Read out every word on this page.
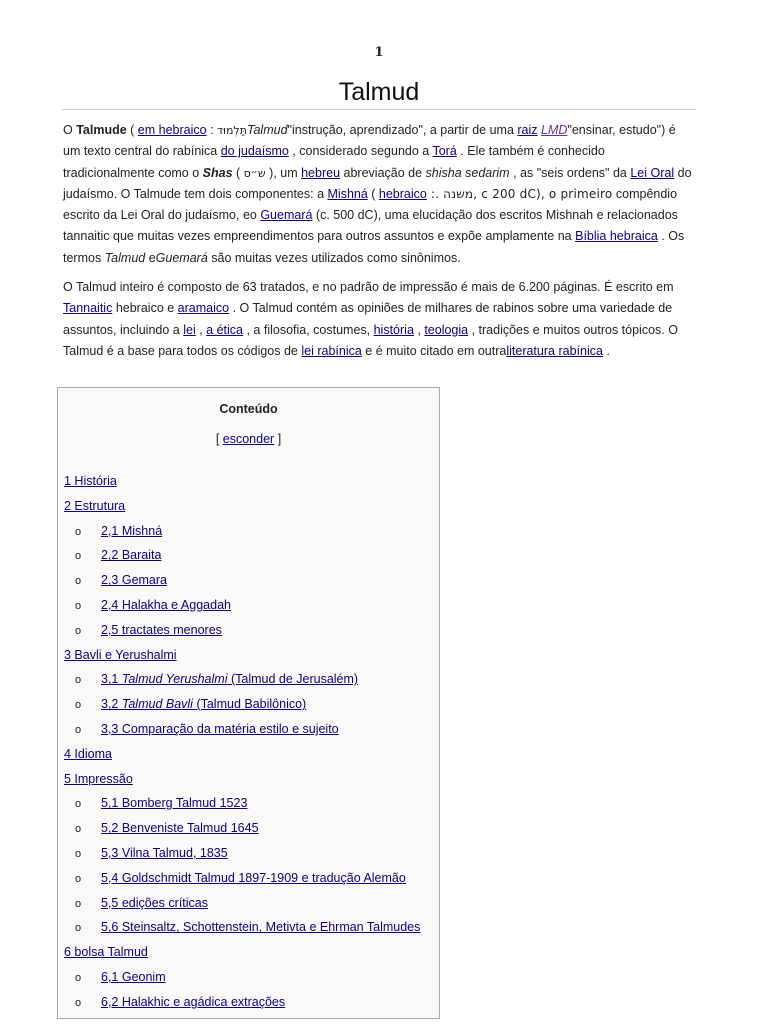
1
Talmud
O Talmude ( em hebraico : תַּלְמוּדTalmud"instrução, aprendizado", a partir de uma raiz LMD"ensinar, estudo") é um texto central do rabínica do judaísmo , considerado segundo a Torá . Ele também é conhecido tradicionalmente como o Shas ( ש״ס ), um hebreu abreviação de shisha sedarim , as "seis ordens" da Lei Oral do judaísmo. O Talmude tem dois componentes: a Mishná ( hebraico :. משנה, c 200 dC), o primeiro compêndio escrito da Lei Oral do judaísmo, eo Guemará (c. 500 dC), uma elucidação dos escritos Mishnah e relacionados tannaitic que muitas vezes empreendimentos para outros assuntos e expõe amplamente na Bíblia hebraica . Os termos Talmud eGuemará são muitas vezes utilizados como sinônimos.
O Talmud inteiro é composto de 63 tratados, e no padrão de impressão é mais de 6.200 páginas. É escrito em Tannaitic hebraico e aramaico . O Talmud contém as opiniões de milhares de rabinos sobre uma variedade de assuntos, incluindo a lei , a ética , a filosofia, costumes, história , teologia , tradições e muitos outros tópicos. O Talmud é a base para todos os códigos de lei rabínica e é muito citado em outraliteratura rabínica .
Conteúdo
[ esconder ]
1 História
2 Estrutura
o 2,1 Mishná
o 2,2 Baraita
o 2,3 Gemara
o 2,4 Halakha e Aggadah
o 2,5 tractates menores
3 Bavli e Yerushalmi
o 3,1 Talmud Yerushalmi (Talmud de Jerusalém)
o 3,2 Talmud Bavli (Talmud Babilônico)
o 3,3 Comparação da matéria estilo e sujeito
4 Idioma
5 Impressão
o 5,1 Bomberg Talmud 1523
o 5,2 Benveniste Talmud 1645
o 5,3 Vilna Talmud, 1835
o 5,4 Goldschmidt Talmud 1897-1909 e tradução Alemão
o 5,5 edições críticas
o 5,6 Steinsaltz, Schottenstein, Metivta e Ehrman Talmudes
6 bolsa Talmud
o 6,1 Geonim
o 6,2 Halakhic e agádica extrações
